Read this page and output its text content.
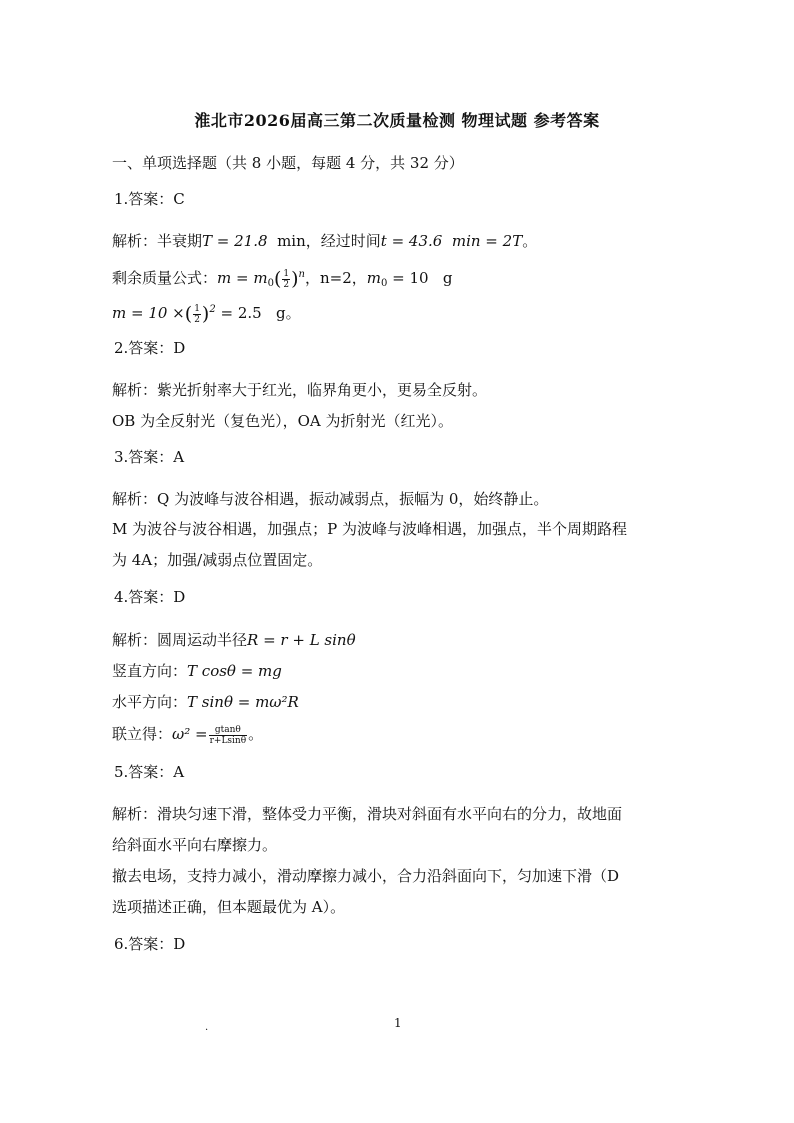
淮北市2026届高三第二次质量检测 物理试题 参考答案
一、单项选择题（共 8 小题，每题 4 分，共 32 分）
1.答案：C
解析：半衰期T = 21.8 min，经过时间t = 43.6 min = 2T。
剩余质量公式：$m = m_0( \frac{1}{2} )^n$，n=2，$m_0 = 10$ g
m = 10 ×( $\frac{1}{2} )^2 = 2.5$ g。
2.答案：D
解析：紫光折射率大于红光，临界角更小，更易全反射。
OB 为全反射光（复色光），OA 为折射光（红光）。
3.答案：A
解析：Q 为波峰与波谷相遇，振动减弱点，振幅为 0，始终静止。
M 为波谷与波谷相遇，加强点；P 为波峰与波峰相遇，加强点，半个周期路程
为 4A；加强/减弱点位置固定。
4.答案：D
解析：圆周运动半径R = r + L sinθ
竖直方向：T cosθ = mg
水平方向：T sinθ = mω²R
联立得：$\omega^2 = \frac{gtan\theta}{r+Lsin\theta}$ 。
5.答案：A
解析：滑块匀速下滑，整体受力平衡，滑块对斜面有水平向右的分力，故地面
给斜面水平向右摩擦力。
撤去电场，支持力减小，滑动摩擦力减小，合力沿斜面向下，匀加速下滑（D
选项描述正确，但本题最优为 A）。
6.答案：D
.	1
